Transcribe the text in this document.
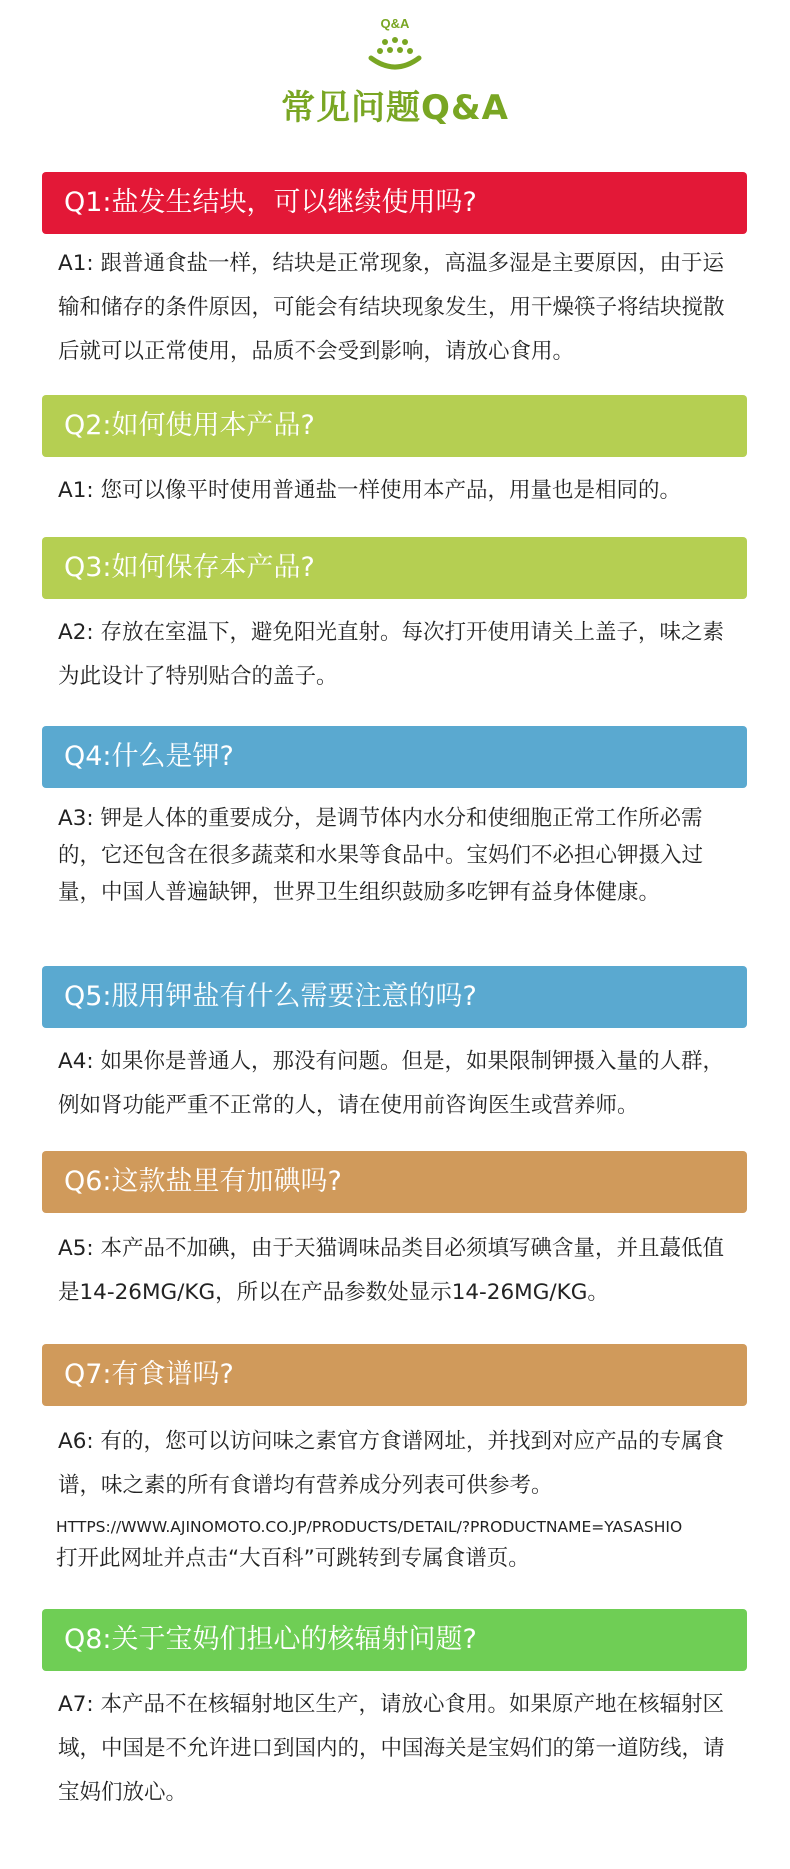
Q&A
常见问题Q&A
Q1:盐发生结块，可以继续使用吗?
A1: 跟普通食盐一样，结块是正常现象，高温多湿是主要原因，由于运输和储存的条件原因，可能会有结块现象发生，用干燥筷子将结块搅散后就可以正常使用，品质不会受到影响，请放心食用。
Q2:如何使用本产品?
A1: 您可以像平时使用普通盐一样使用本产品，用量也是相同的。
Q3:如何保存本产品?
A2: 存放在室温下，避免阳光直射。每次打开使用请关上盖子，味之素为此设计了特别贴合的盖子。
Q4:什么是钾?
A3: 钾是人体的重要成分，是调节体内水分和使细胞正常工作所必需的，它还包含在很多蔬菜和水果等食品中。宝妈们不必担心钾摄入过量，中国人普遍缺钾，世界卫生组织鼓励多吃钾有益身体健康。
Q5:服用钾盐有什么需要注意的吗?
A4: 如果你是普通人，那没有问题。但是，如果限制钾摄入量的人群，例如肾功能严重不正常的人，请在使用前咨询医生或营养师。
Q6:这款盐里有加碘吗?
A5: 本产品不加碘，由于天猫调味品类目必须填写碘含量，并且蕞低值是14-26MG/KG，所以在产品参数处显示14-26MG/KG。
Q7:有食谱吗?
A6: 有的，您可以访问味之素官方食谱网址，并找到对应产品的专属食谱，味之素的所有食谱均有营养成分列表可供参考。
HTTPS://WWW.AJINOMOTO.CO.JP/PRODUCTS/DETAIL/?PRODUCTNAME=YASASHIO
打开此网址并点击“大百科”可跳转到专属食谱页。
Q8:关于宝妈们担心的核辐射问题?
A7: 本产品不在核辐射地区生产，请放心食用。如果原产地在核辐射区域，中国是不允许进口到国内的，中国海关是宝妈们的第一道防线，请宝妈们放心。
